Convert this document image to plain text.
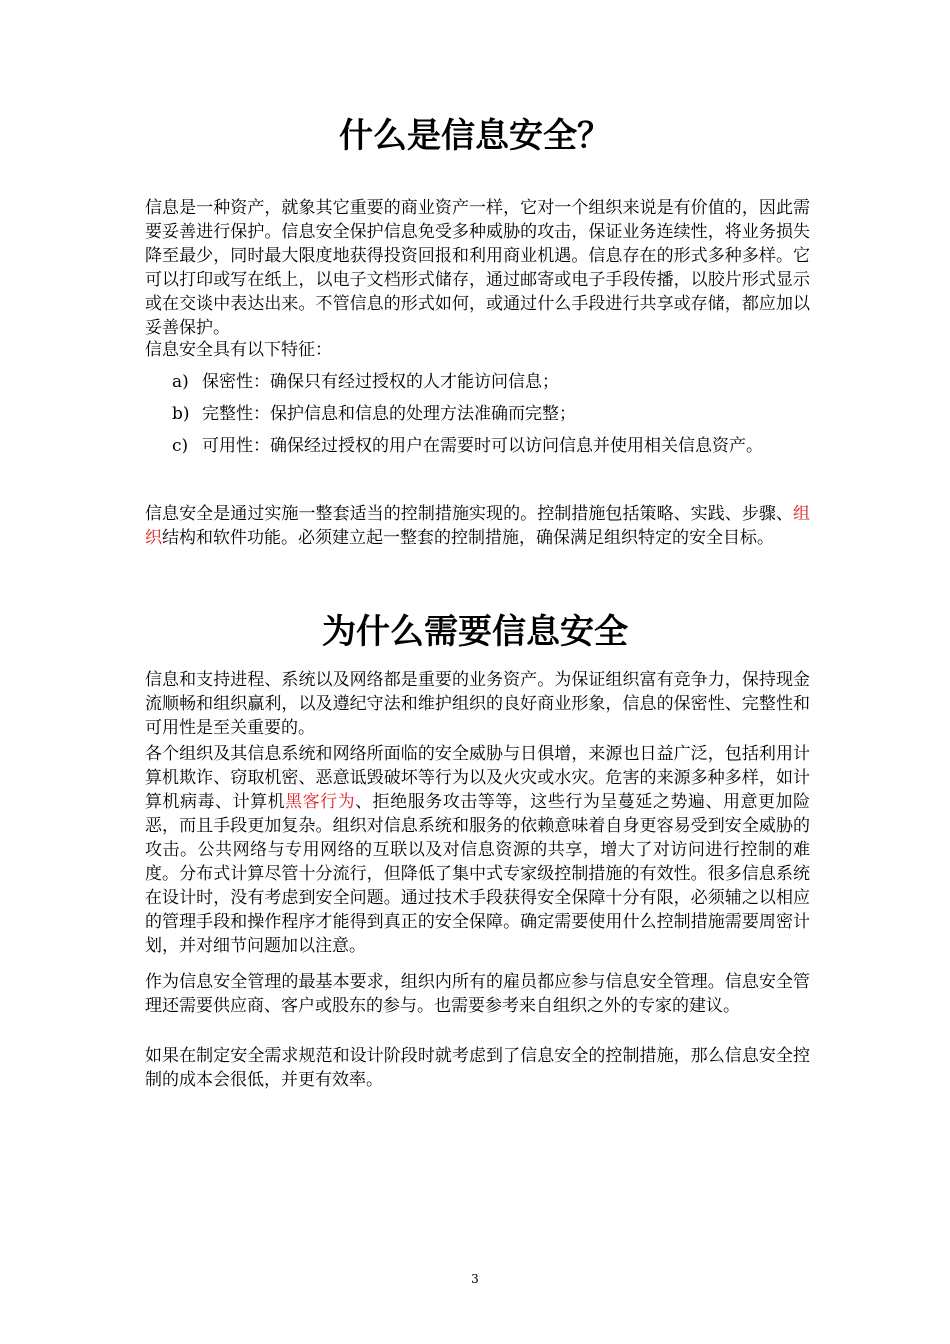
什么是信息安全？

信息是一种资产，就象其它重要的商业资产一样，它对一个组织来说是有价值的，因此需要妥善进行保护。信息安全保护信息免受多种威胁的攻击，保证业务连续性，将业务损失降至最少，同时最大限度地获得投资回报和利用商业机遇。信息存在的形式多种多样。它可以打印或写在纸上，以电子文档形式储存，通过邮寄或电子手段传播，以胶片形式显示或在交谈中表达出来。不管信息的形式如何，或通过什么手段进行共享或存储，都应加以妥善保护。

信息安全具有以下特征：

a) 保密性：确保只有经过授权的人才能访问信息；
b) 完整性：保护信息和信息的处理方法准确而完整；
c) 可用性：确保经过授权的用户在需要时可以访问信息并使用相关信息资产。

信息安全是通过实施一整套适当的控制措施实现的。控制措施包括策略、实践、步骤、组织结构和软件功能。必须建立起一整套的控制措施，确保满足组织特定的安全目标。

为什么需要信息安全

信息和支持进程、系统以及网络都是重要的业务资产。为保证组织富有竞争力，保持现金流顺畅和组织赢利，以及遵纪守法和维护组织的良好商业形象，信息的保密性、完整性和可用性是至关重要的。

各个组织及其信息系统和网络所面临的安全威胁与日俱增，来源也日益广泛，包括利用计算机欺诈、窃取机密、恶意诋毁破坏等行为以及火灾或水灾。危害的来源多种多样，如计算机病毒、计算机黑客行为、拒绝服务攻击等等，这些行为呈蔓延之势遍、用意更加险恶，而且手段更加复杂。组织对信息系统和服务的依赖意味着自身更容易受到安全威胁的攻击。公共网络与专用网络的互联以及对信息资源的共享，增大了对访问进行控制的难度。分布式计算尽管十分流行，但降低了集中式专家级控制措施的有效性。很多信息系统在设计时，没有考虑到安全问题。通过技术手段获得安全保障十分有限，必须辅之以相应的管理手段和操作程序才能得到真正的安全保障。确定需要使用什么控制措施需要周密计划，并对细节问题加以注意。

作为信息安全管理的最基本要求，组织内所有的雇员都应参与信息安全管理。信息安全管理还需要供应商、客户或股东的参与。也需要参考来自组织之外的专家的建议。

如果在制定安全需求规范和设计阶段时就考虑到了信息安全的控制措施，那么信息安全控制的成本会很低，并更有效率。

3
